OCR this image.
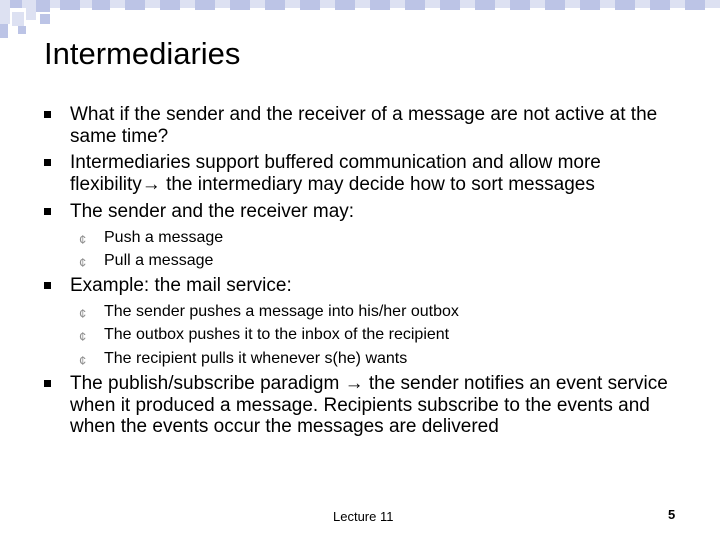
Intermediaries
What if the sender and the receiver of a message are not active at the same time?
Intermediaries support buffered communication and allow more flexibility→ the intermediary may decide how to sort messages
The sender and the receiver may:
¢ Push a message
¢ Pull a message
Example: the mail service:
¢ The sender pushes a message into his/her outbox
¢ The outbox pushes it to the inbox of the recipient
¢ The recipient pulls it whenever s(he) wants
The publish/subscribe paradigm → the sender notifies an event service when it produced a message. Recipients subscribe to the events and when the events occur the messages are delivered
Lecture 11	5
